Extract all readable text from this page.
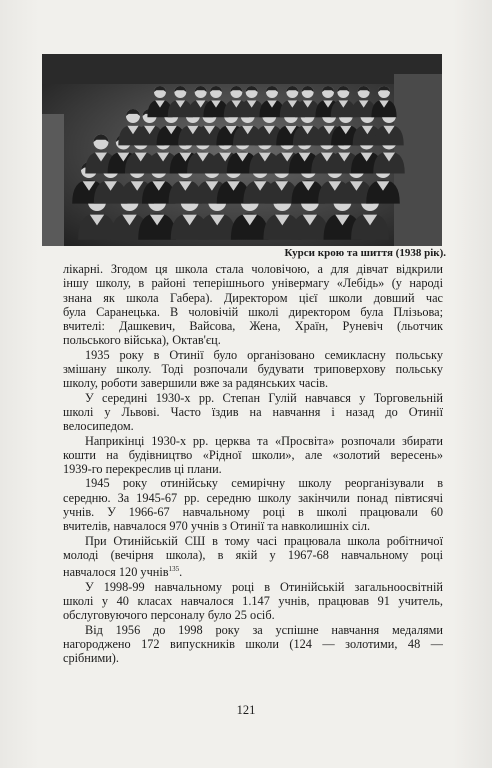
Курси крою та шиття (1938 рік).
лікарні. Згодом ця школа стала чоловічою, а для дівчат відкрили
іншу школу, в районі теперішнього універмагу «Лебідь» (у народі
знана як школа Габера). Директором цієї школи довший час
була Саранецька. В чоловічій школі директором була Плізьова;
вчителі: Дашкевич, Вайсова, Жена, Храїн, Руневіч (льотчик
польського війська), Октав'єц.
1935 року в Отинії було організовано семикласну польську
змішану школу. Тоді розпочали будувати триповерхову польську
школу, роботи завершили вже за радянських часів.
У середині 1930-х рр. Степан Гулій навчався у Торговельній
школі у Львові. Часто їздив на навчання і назад до Отинії
велосипедом.
Наприкінці 1930-х рр. церква та «Просвіта» розпочали збирати
кошти на будівництво «Рідної школи», але «золотий вересень»
1939-го перекреслив ці плани.
1945 року отинійську семирічну школу реорганізували в
середню. За 1945-67 рр. середню школу закінчили понад півтисячі
учнів. У 1966-67 навчальному році в школі працювали 60
вчителів, навчалося 970 учнів з Отинії та навколишніх сіл.
При Отинійській СШ в тому часі працювала школа робітничої
молоді (вечірня школа), в якій у 1967-68 навчальному році
навчалося 120 учнів$^{135}$.
У 1998-99 навчальному році в Отинійській загальноосвітній
школі у 40 класах навчалося 1.147 учнів, працював 91 учитель,
обслуговуючого персоналу було 25 осіб.
Від 1956 до 1998 року за успішне навчання медалями
нагороджено 172 випускників школи (124 — золотими, 48 —
срібними).
121
